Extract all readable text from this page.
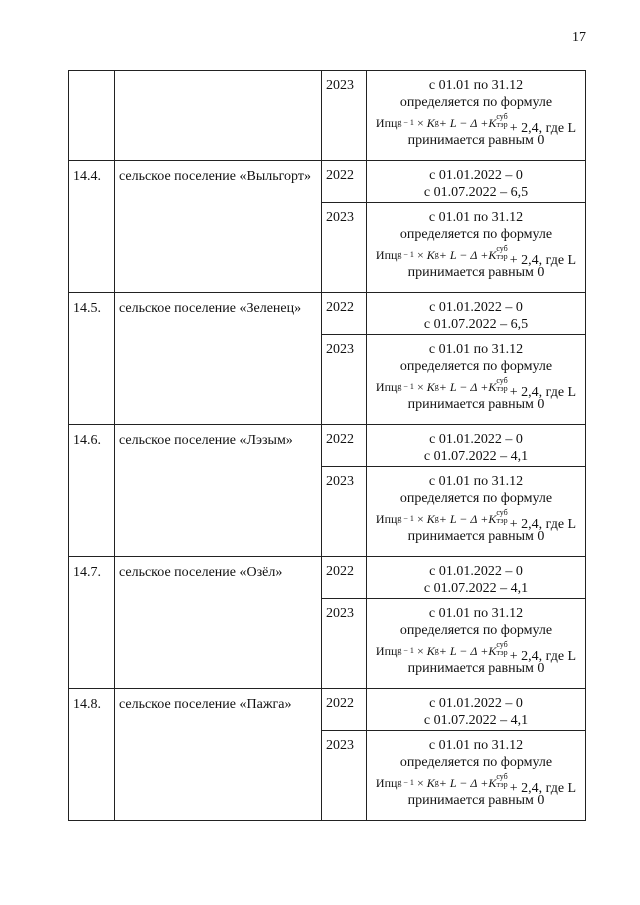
17
2023	с 01.01 по 31.12
определяется по формуле
Ипц g − 1 × K g + L − Δ + K суб
тэр + 2,4, где L
принимается равным 0
14.4.	сельское поселение «Выльгорт»	2022	с 01.01.2022 – 0
с 01.07.2022 – 6,5
2023	с 01.01 по 31.12
определяется по формуле
Ипц g − 1 × K g + L − Δ + K суб
тэр + 2,4, где L
принимается равным 0
14.5.	сельское поселение «Зеленец»	2022	с 01.01.2022 – 0
с 01.07.2022 – 6,5
2023	с 01.01 по 31.12
определяется по формуле
Ипц g − 1 × K g + L − Δ + K суб
тэр + 2,4, где L
принимается равным 0
14.6.	сельское поселение «Лэзым»	2022	с 01.01.2022 – 0
с 01.07.2022 – 4,1
2023	с 01.01 по 31.12
определяется по формуле
Ипц g − 1 × K g + L − Δ + K суб
тэр + 2,4, где L
принимается равным 0
14.7.	сельское поселение «Озёл»	2022	с 01.01.2022 – 0
с 01.07.2022 – 4,1
2023	с 01.01 по 31.12
определяется по формуле
Ипц g − 1 × K g + L − Δ + K суб
тэр + 2,4, где L
принимается равным 0
14.8.	сельское поселение «Пажга»	2022	с 01.01.2022 – 0
с 01.07.2022 – 4,1
2023	с 01.01 по 31.12
определяется по формуле
Ипц g − 1 × K g + L − Δ + K суб
тэр + 2,4, где L
принимается равным 0
